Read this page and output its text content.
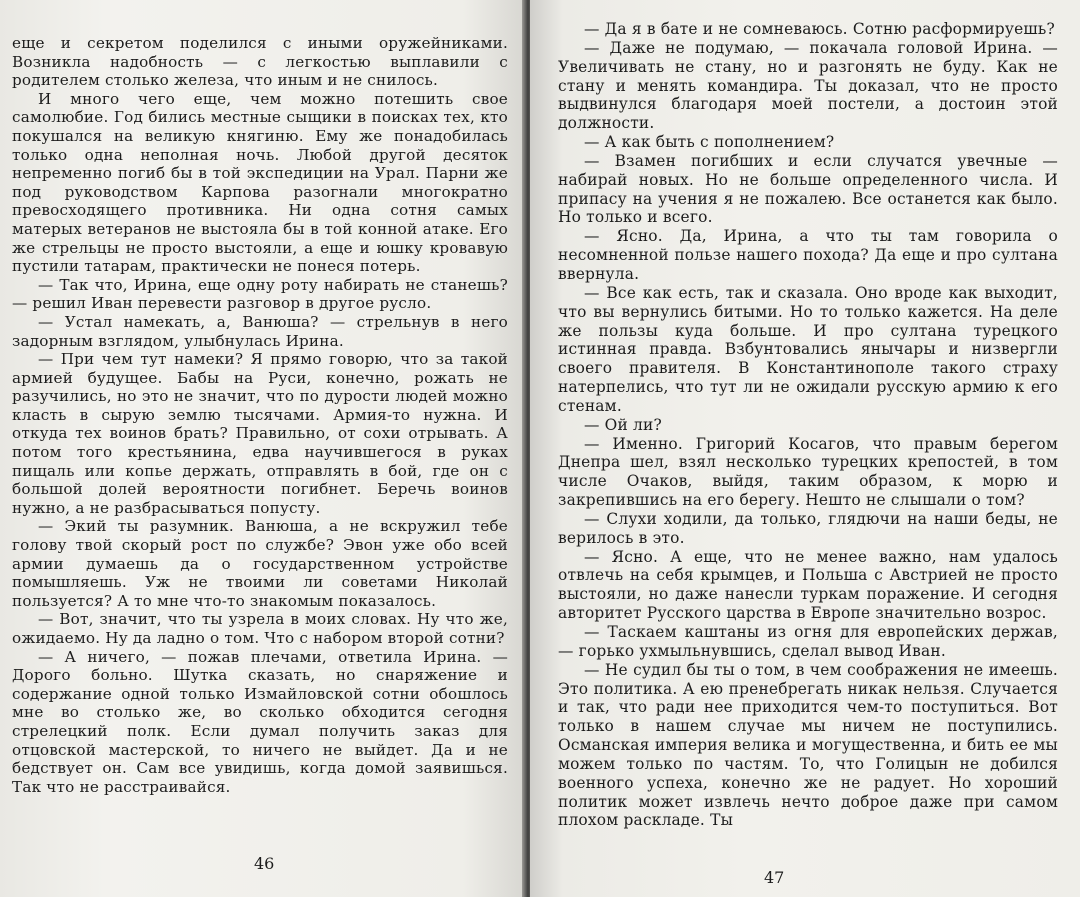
еще и секретом поделился с иными оружейниками. Возникла надобность — с легкостью выплавили с родителем столько железа, что иным и не снилось.

И много чего еще, чем можно потешить свое самолюбие. Год бились местные сыщики в поисках тех, кто покушался на великую княгиню. Ему же понадобилась только одна неполная ночь. Любой другой десяток непременно погиб бы в той экспедиции на Урал. Парни же под руководством Карпова разогнали многократно превосходящего противника. Ни одна сотня самых матерых ветеранов не выстояла бы в той конной атаке. Его же стрельцы не просто выстояли, а еще и юшку кровавую пустили татарам, практически не понеся потерь.

— Так что, Ирина, еще одну роту набирать не станешь? — решил Иван перевести разговор в другое русло.

— Устал намекать, а, Ванюша? — стрельнув в него задорным взглядом, улыбнулась Ирина.

— При чем тут намеки? Я прямо говорю, что за такой армией будущее. Бабы на Руси, конечно, рожать не разучились, но это не значит, что по дурости людей можно класть в сырую землю тысячами. Армия-то нужна. И откуда тех воинов брать? Правильно, от сохи отрывать. А потом того крестьянина, едва научившегося в руках пищаль или копье держать, отправлять в бой, где он с большой долей вероятности погибнет. Беречь воинов нужно, а не разбрасываться попусту.

— Экий ты разумник. Ванюша, а не вскружил тебе голову твой скорый рост по службе? Эвон уже обо всей армии думаешь да о государственном устройстве помышляешь. Уж не твоими ли советами Николай пользуется? А то мне что-то знакомым показалось.

— Вот, значит, что ты узрела в моих словах. Ну что же, ожидаемо. Ну да ладно о том. Что с набором второй сотни?

— А ничего, — пожав плечами, ответила Ирина. — Дорого больно. Шутка сказать, но снаряжение и содержание одной только Измайловской сотни обошлось мне во столько же, во сколько обходится сегодня стрелецкий полк. Если думал получить заказ для отцовской мастерской, то ничего не выйдет. Да и не бедствует он. Сам все увидишь, когда домой заявишься. Так что не расстраивайся.

46

— Да я в бате и не сомневаюсь. Сотню расформируешь?

— Даже не подумаю, — покачала головой Ирина. — Увеличивать не стану, но и разгонять не буду. Как не стану и менять командира. Ты доказал, что не просто выдвинулся благодаря моей постели, а достоин этой должности.

— А как быть с пополнением?

— Взамен погибших и если случатся увечные — набирай новых. Но не больше определенного числа. И припасу на учения я не пожалею. Все останется как было. Но только и всего.

— Ясно. Да, Ирина, а что ты там говорила о несомненной пользе нашего похода? Да еще и про султана ввернула.

— Все как есть, так и сказала. Оно вроде как выходит, что вы вернулись битыми. Но то только кажется. На деле же пользы куда больше. И про султана турецкого истинная правда. Взбунтовались янычары и низвергли своего правителя. В Константинополе такого страху натерпелись, что тут ли не ожидали русскую армию к его стенам.

— Ой ли?

— Именно. Григорий Косагов, что правым берегом Днепра шел, взял несколько турецких крепостей, в том числе Очаков, выйдя, таким образом, к морю и закрепившись на его берегу. Нешто не слышали о том?

— Слухи ходили, да только, глядючи на наши беды, не верилось в это.

— Ясно. А еще, что не менее важно, нам удалось отвлечь на себя крымцев, и Польша с Австрией не просто выстояли, но даже нанесли туркам поражение. И сегодня авторитет Русского царства в Европе значительно возрос.

— Таскаем каштаны из огня для европейских держав, — горько ухмыльнувшись, сделал вывод Иван.

— Не судил бы ты о том, в чем соображения не имеешь. Это политика. А ею пренебрегать никак нельзя. Случается и так, что ради нее приходится чем-то поступиться. Вот только в нашем случае мы ничем не поступились. Османская империя велика и могущественна, и бить ее мы можем только по частям. То, что Голицын не добился военного успеха, конечно же не радует. Но хороший политик может извлечь нечто доброе даже при самом плохом раскладе. Ты

47
